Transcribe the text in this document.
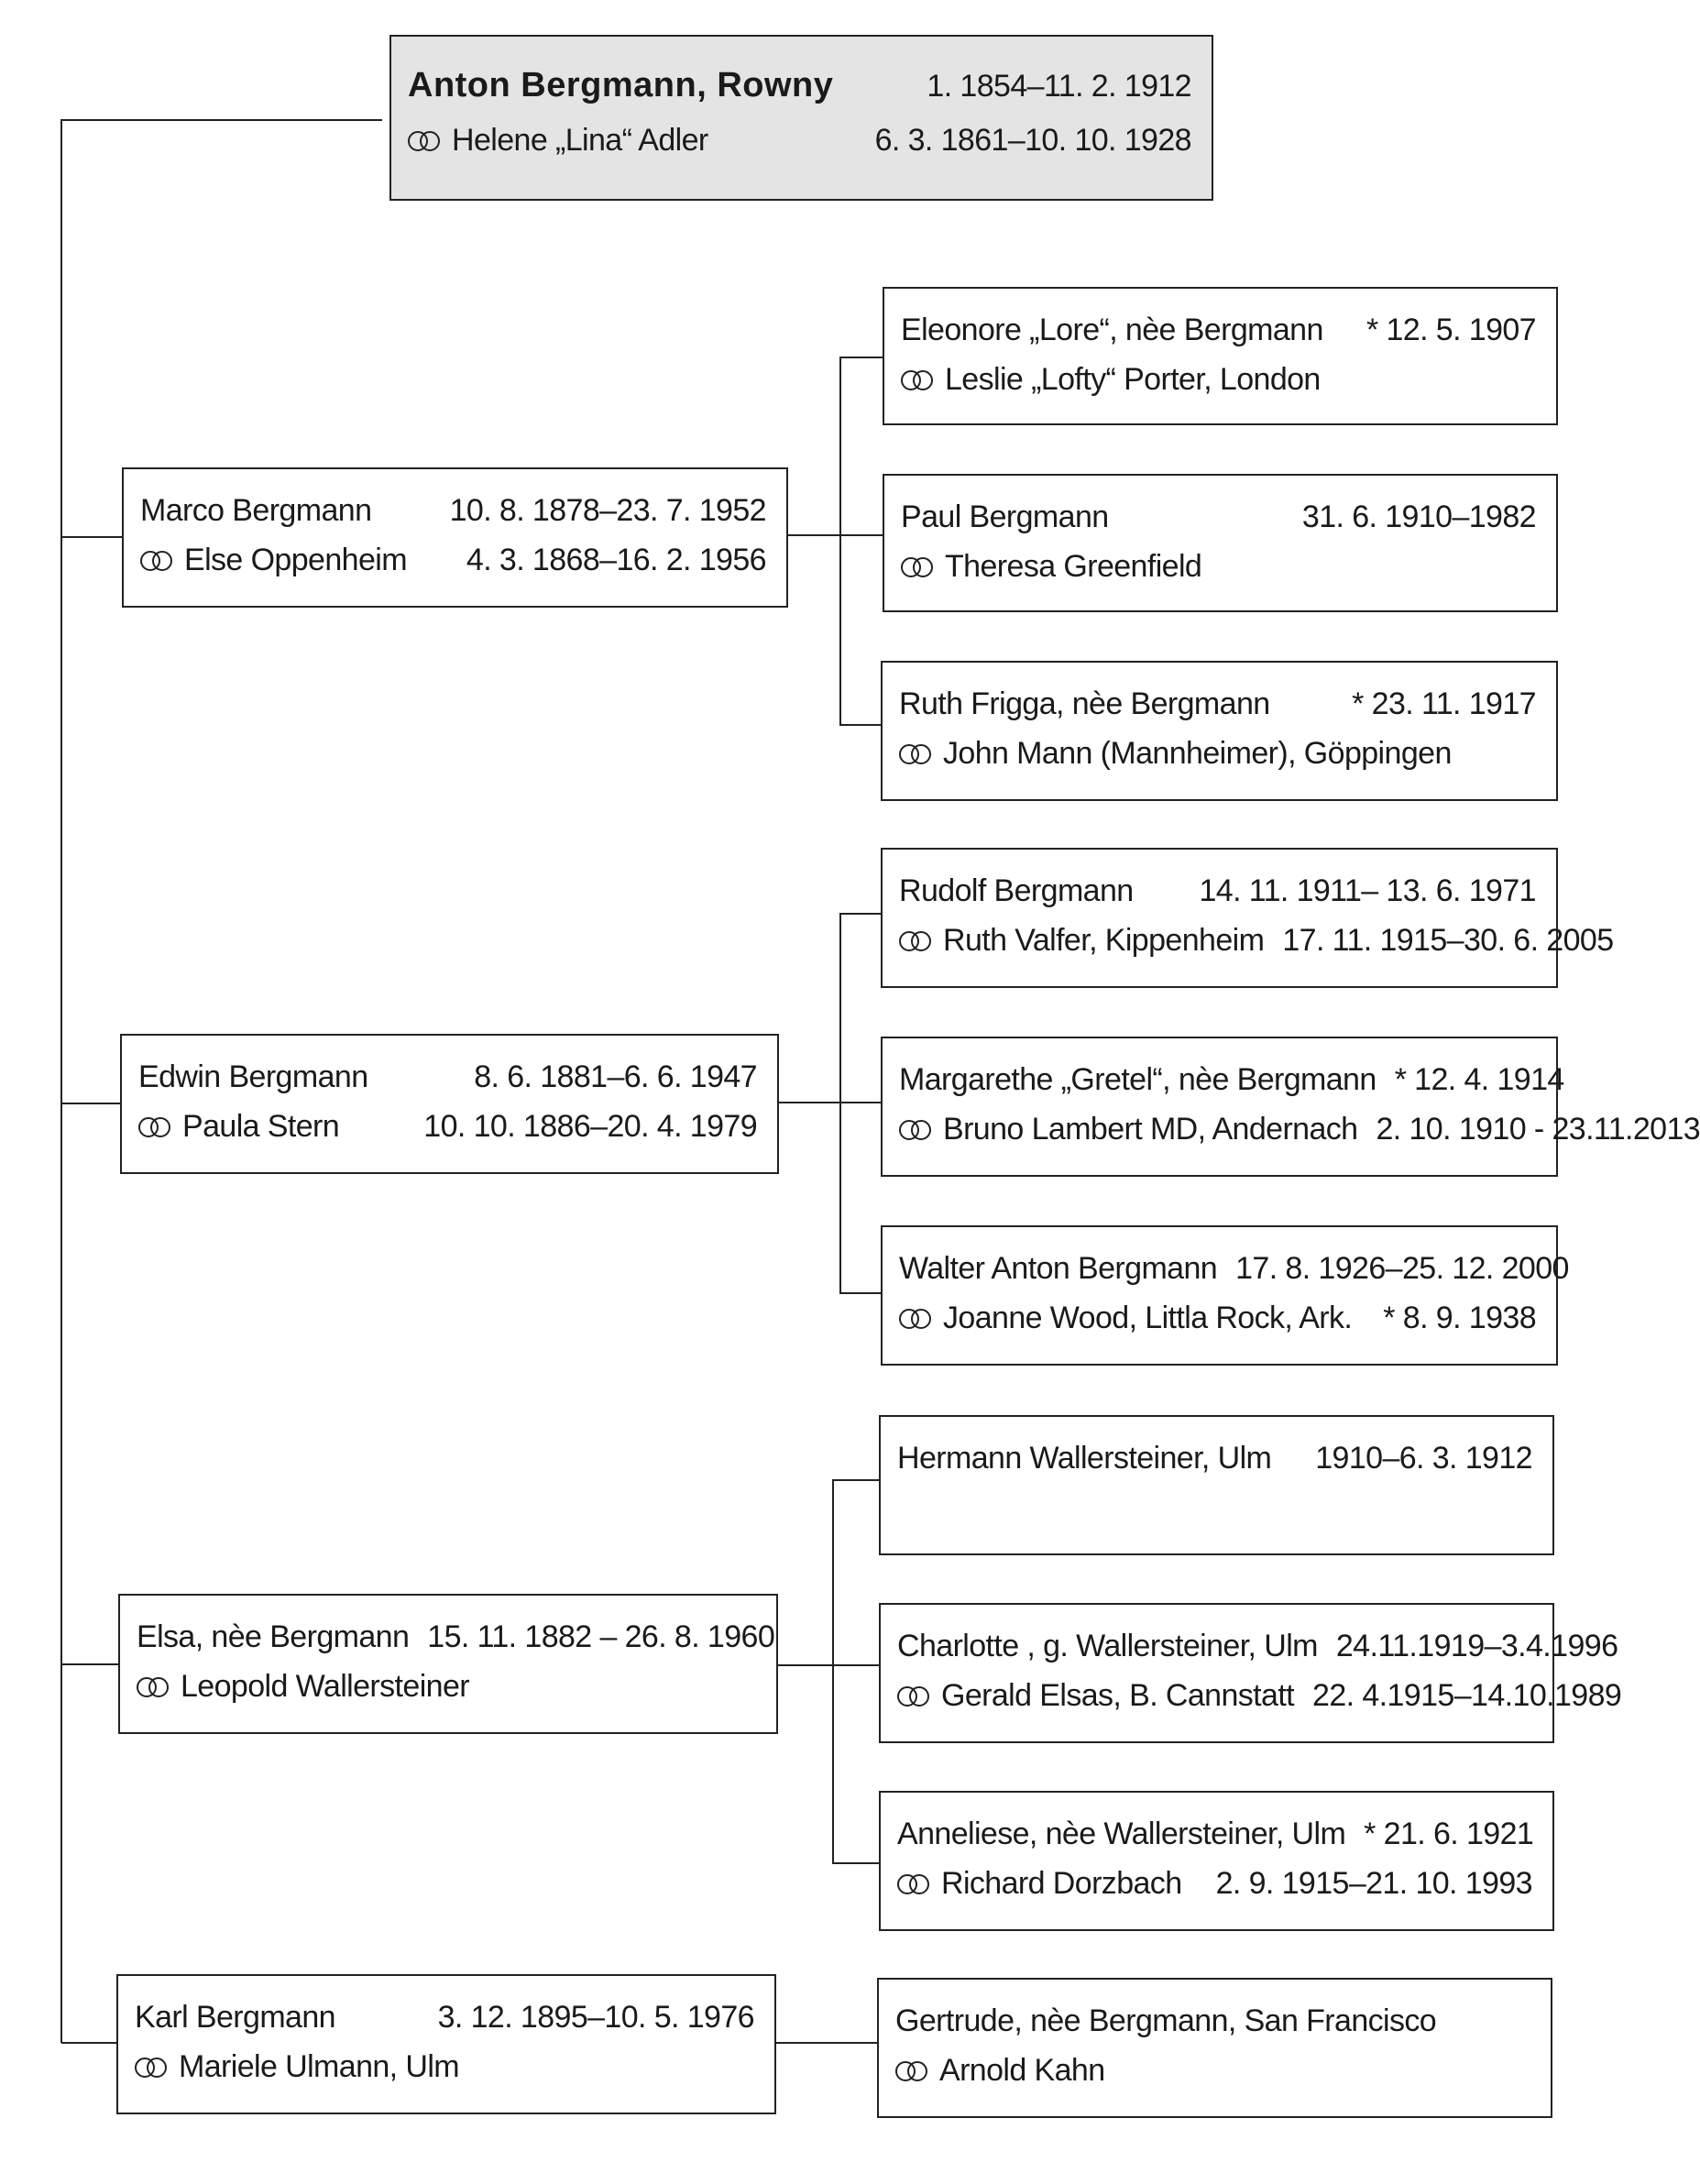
Anton Bergmann, Rowny	1. 1854–11. 2. 1912
Helene „Lina“ Adler	6. 3. 1861–10. 10. 1928
Marco Bergmann	10. 8. 1878–23. 7. 1952
Else Oppenheim 4. 3. 1868–16. 2. 1956
Eleonore „Lore“, nèe Bergmann * 12. 5. 1907
Leslie „Lofty“ Porter, London
Paul Bergmann	31. 6. 1910–1982
Theresa Greenfield
Ruth Frigga, nèe Bergmann	* 23. 11. 1917
John Mann (Mannheimer), Göppingen
Edwin Bergmann	8. 6. 1881–6. 6. 1947
Paula Stern	10. 10. 1886–20. 4. 1979
Rudolf Bergmann 14. 11. 1911– 13. 6. 1971
Ruth Valfer, Kippenheim 17. 11. 1915–30. 6. 2005
Margarethe „Gretel“, nèe Bergmann * 12. 4. 1914
Bruno Lambert MD, Andernach 2. 10. 1910 - 23.11.2013
Walter Anton Bergmann 17. 8. 1926–25. 12. 2000
Joanne Wood, Littla Rock, Ark. * 8. 9. 1938
Elsa, nèe Bergmann 15. 11. 1882 – 26. 8. 1960
Leopold Wallersteiner
Hermann Wallersteiner, Ulm 1910–6. 3. 1912
Charlotte , g. Wallersteiner, Ulm 24.11.1919–3.4.1996
Gerald Elsas, B. Cannstatt 22. 4.1915–14.10.1989
Anneliese, nèe Wallersteiner, Ulm * 21. 6. 1921
Richard Dorzbach 2. 9. 1915–21. 10. 1993
Karl Bergmann	3. 12. 1895–10. 5. 1976
Mariele Ulmann, Ulm
Gertrude, nèe Bergmann, San Francisco
Arnold Kahn
